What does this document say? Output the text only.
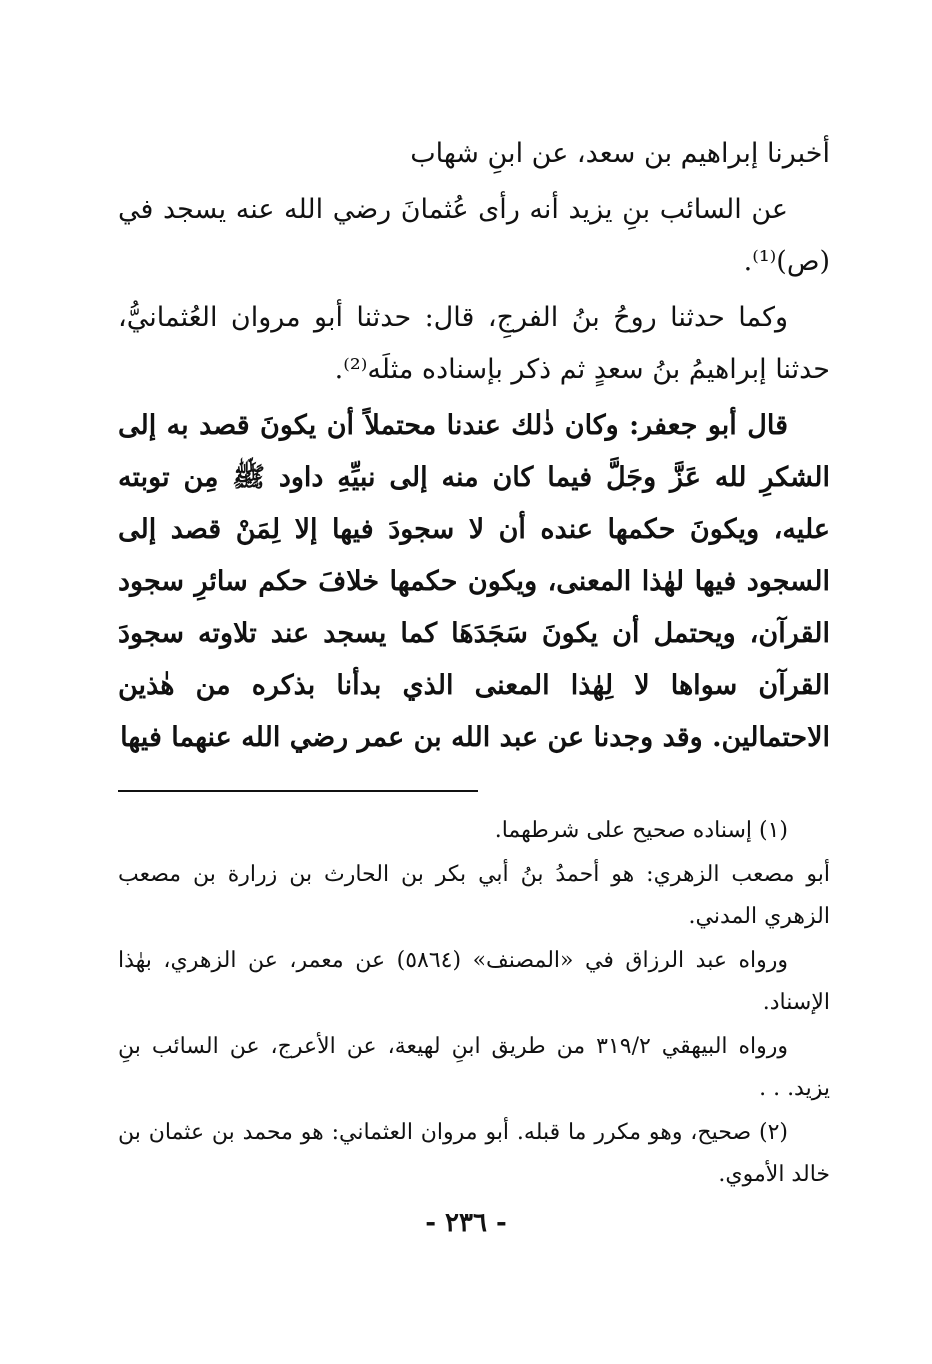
أخبرنا إبراهيم بن سعد، عن ابنِ شهاب

عن السائب بنِ يزيد أنه رأى عُثمانَ رضي الله عنه يسجد في (ص)⁽¹⁾.

وكما حدثنا روحُ بنُ الفرجِ، قال: حدثنا أبو مروان العُثمانيُّ، حدثنا إبراهيمُ بنُ سعدٍ ثم ذكر بإسناده مثلَه⁽²⁾.

قال أبو جعفر: وكان ذٰلك عندنا محتملاً أن يكونَ قصد به إلى الشكرِ لله عَزَّ وجَلَّ فيما كان منه إلى نبيِّهِ داود ﷺ مِن توبته عليه، ويكونَ حكمها عنده أن لا سجودَ فيها إلا لِمَنْ قصد إلى السجود فيها لهٰذا المعنى، ويكون حكمها خلافَ حكم سائرِ سجود القرآن، ويحتمل أن يكونَ سَجَدَهَا كما يسجد عند تلاوته سجودَ القرآن سواها لا لِهٰذا المعنى الذي بدأنا بذكره من هٰذين الاحتمالين. وقد وجدنا عن عبد الله بن عمر رضي الله عنهما فيها

(١) إسناده صحيح على شرطهما.

أبو مصعب الزهري: هو أحمدُ بنُ أبي بكر بن الحارث بن زرارة بن مصعب الزهري المدني.

ورواه عبد الرزاق في «المصنف» (٥٨٦٤) عن معمر، عن الزهري، بهٰذا الإسناد.

ورواه البيهقي ٣١٩/٢ من طريق ابنِ لهيعة، عن الأعرج، عن السائب بنِ يزيد. . .

(٢) صحيح، وهو مكرر ما قبله. أبو مروان العثماني: هو محمد بن عثمان بن خالد الأموي.

- ٢٣٦ -
